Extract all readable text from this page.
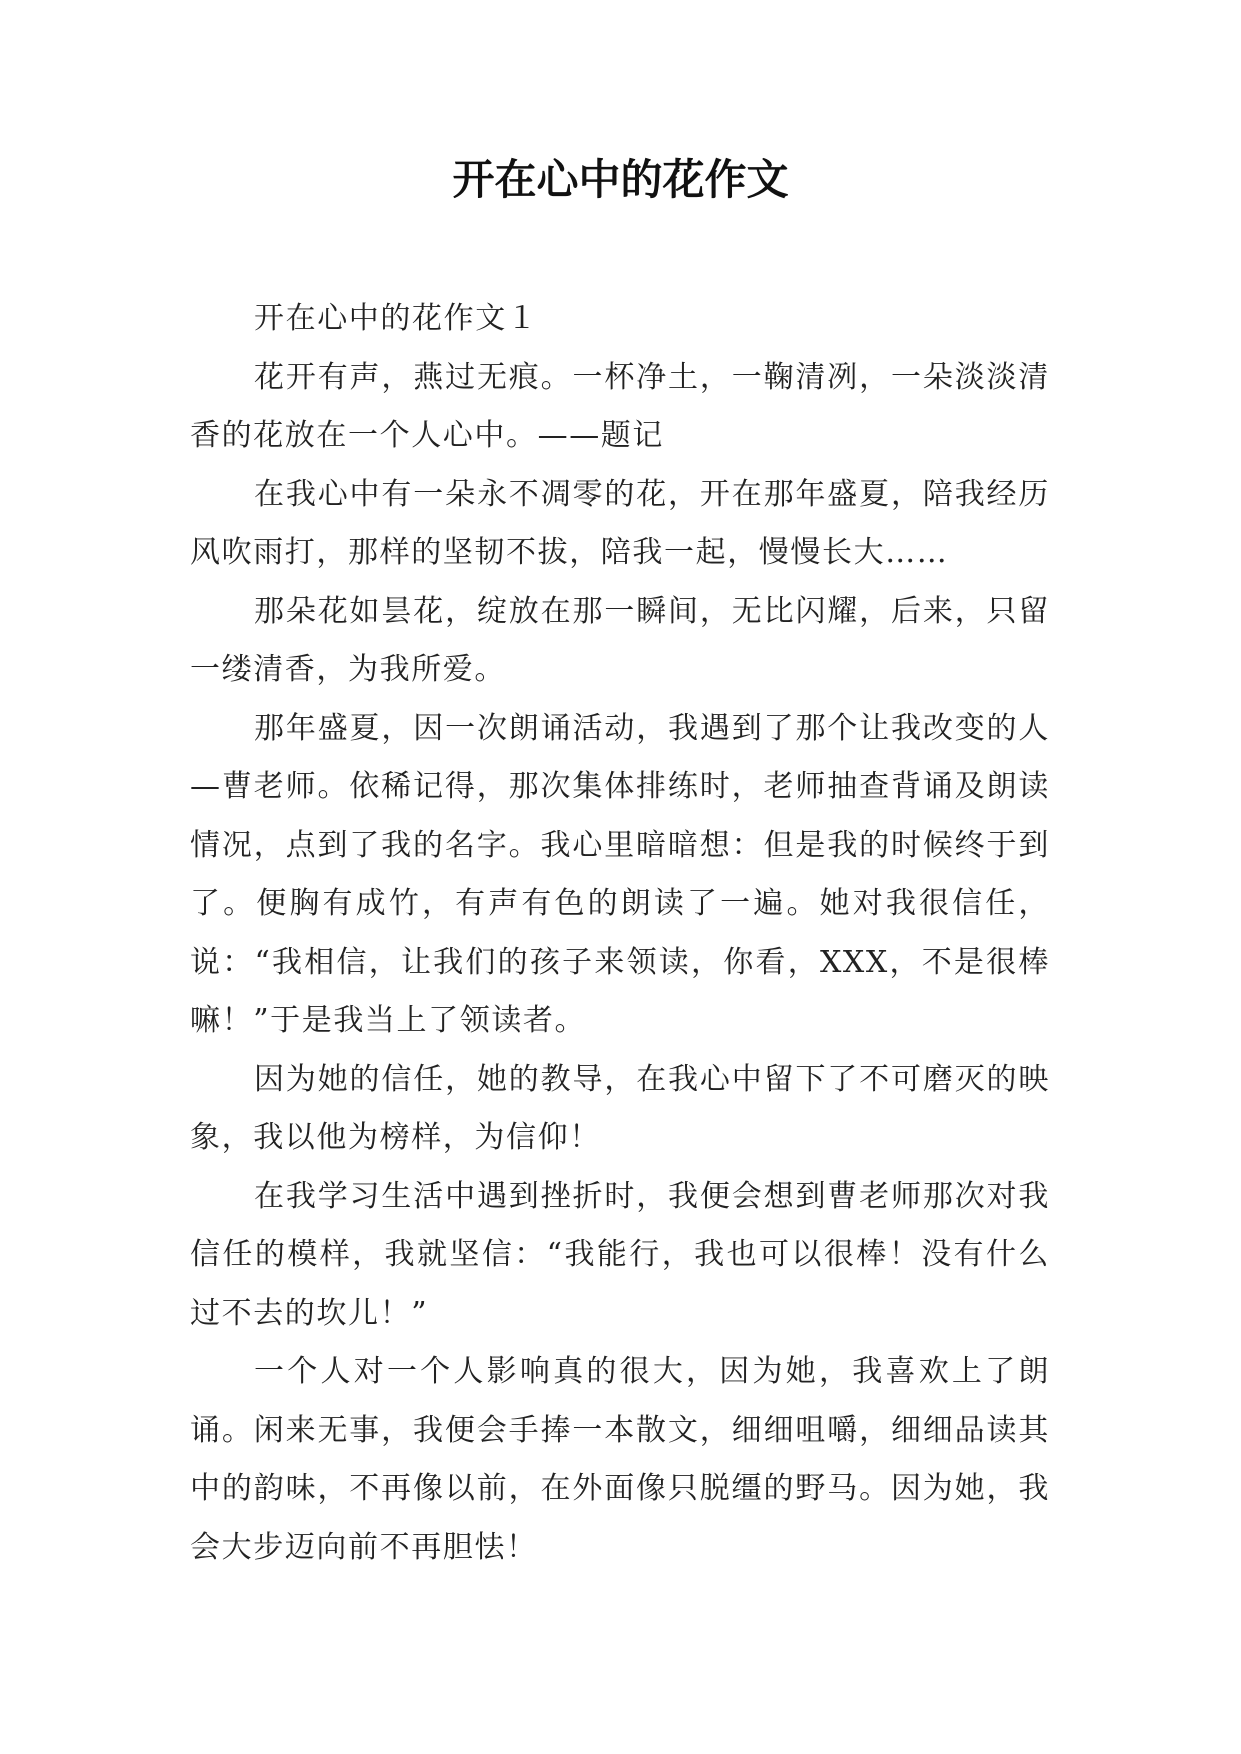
开在心中的花作文

开在心中的花作文１

花开有声，燕过无痕。一杯净土，一鞠清冽，一朵淡淡清香的花放在一个人心中。——题记

在我心中有一朵永不凋零的花，开在那年盛夏，陪我经历风吹雨打，那样的坚韧不拔，陪我一起，慢慢长大……

那朵花如昙花，绽放在那一瞬间，无比闪耀，后来，只留一缕清香，为我所爱。

那年盛夏，因一次朗诵活动，我遇到了那个让我改变的人—曹老师。依稀记得，那次集体排练时，老师抽查背诵及朗读情况，点到了我的名字。我心里暗暗想：但是我的时候终于到了。便胸有成竹，有声有色的朗读了一遍。她对我很信任，说：“我相信，让我们的孩子来领读，你看，XXX，不是很棒嘛！”于是我当上了领读者。

因为她的信任，她的教导，在我心中留下了不可磨灭的映象，我以他为榜样，为信仰！

在我学习生活中遇到挫折时，我便会想到曹老师那次对我信任的模样，我就坚信：“我能行，我也可以很棒！没有什么过不去的坎儿！”

一个人对一个人影响真的很大，因为她，我喜欢上了朗诵。闲来无事，我便会手捧一本散文，细细咀嚼，细细品读其中的韵味，不再像以前，在外面像只脱缰的野马。因为她，我会大步迈向前不再胆怯！
